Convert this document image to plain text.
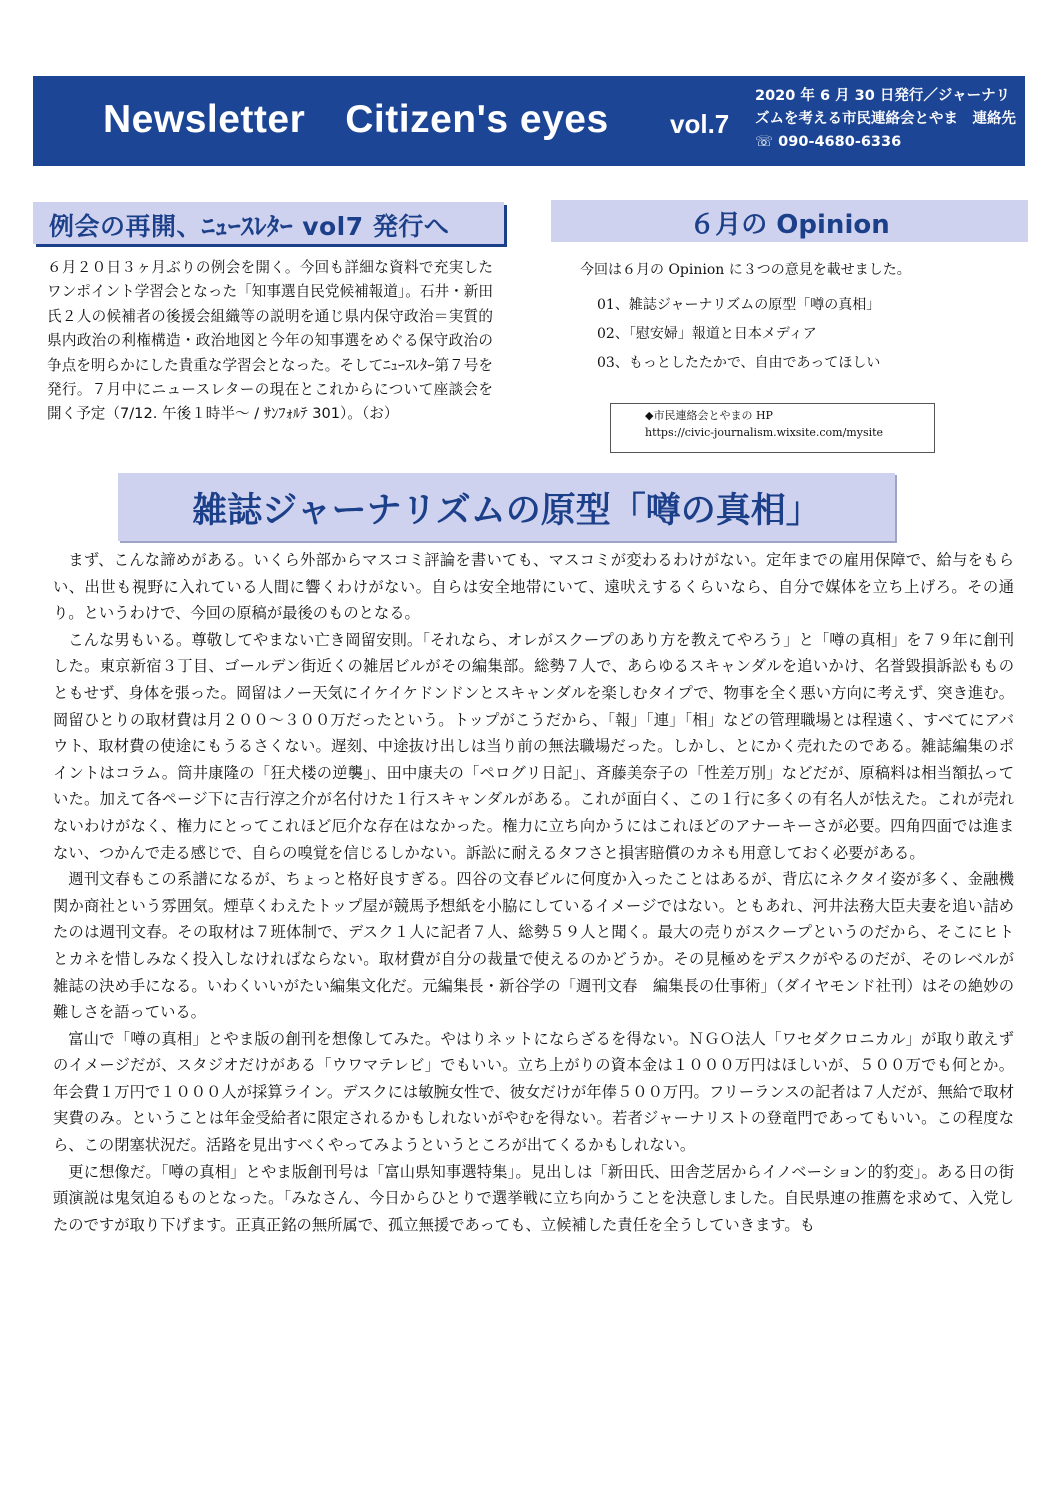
Newsletter Citizen's eyes vol.7
2020 年 6 月 30 日発行／ジャーナリズムを考える市民連絡会とやま　連絡先☏ 090-4680-6336
例会の再開、ﾆｭｰｽﾚﾀｰ vol7 発行へ
６月２０日３ヶ月ぶりの例会を開く。今回も詳細な資料で充実したワンポイント学習会となった「知事選自民党候補報道」。石井・新田氏２人の候補者の後援会組織等の説明を通じ県内保守政治＝実質的県内政治の利権構造・政治地図と今年の知事選をめぐる保守政治の争点を明らかにした貴重な学習会となった。そしてﾆｭｰｽﾚﾀｰ第７号を発行。７月中にニュースレターの現在とこれからについて座談会を開く予定（7/12. 午後１時半～ / ｻﾝﾌｫﾙﾃ 301）。（お）
６月の Opinion
今回は６月の Opinion に３つの意見を載せました。
01、雑誌ジャーナリズムの原型「噂の真相」
02、「慰安婦」報道と日本メディア
03、もっとしたたかで、自由であってほしい
◆市民連絡会とやまの HP
https://civic-journalism.wixsite.com/mysite
雑誌ジャーナリズムの原型「噂の真相」

まず、こんな諦めがある。いくら外部からマスコミ評論を書いても、マスコミが変わるわけがない。定年までの雇用保障で、給与をもらい、出世も視野に入れている人間に響くわけがない。自らは安全地帯にいて、遠吠えするくらいなら、自分で媒体を立ち上げろ。その通り。というわけで、今回の原稿が最後のものとなる。

こんな男もいる。尊敬してやまない亡き岡留安則。「それなら、オレがスクープのあり方を教えてやろう」と「噂の真相」を７９年に創刊した。東京新宿３丁目、ゴールデン街近くの雑居ビルがその編集部。総勢７人で、あらゆるスキャンダルを追いかけ、名誉毀損訴訟もものともせず、身体を張った。岡留はノー天気にイケイケドンドンとスキャンダルを楽しむタイプで、物事を全く悪い方向に考えず、突き進む。岡留ひとりの取材費は月２００～３００万だったという。トップがこうだから、「報」「連」「相」などの管理職場とは程遠く、すべてにアバウト、取材費の使途にもうるさくない。遅刻、中途抜け出しは当り前の無法職場だった。しかし、とにかく売れたのである。雑誌編集のポイントはコラム。筒井康隆の「狂犬楼の逆襲」、田中康夫の「ペログリ日記」、斉藤美奈子の「性差万別」などだが、原稿料は相当額払っていた。加えて各ページ下に吉行淳之介が名付けた１行スキャンダルがある。これが面白く、この１行に多くの有名人が怯えた。これが売れないわけがなく、権力にとってこれほど厄介な存在はなかった。権力に立ち向かうにはこれほどのアナーキーさが必要。四角四面では進まない、つかんで走る感じで、自らの嗅覚を信じるしかない。訴訟に耐えるタフさと損害賠償のカネも用意しておく必要がある。

週刊文春もこの系譜になるが、ちょっと格好良すぎる。四谷の文春ビルに何度か入ったことはあるが、背広にネクタイ姿が多く、金融機関か商社という雰囲気。煙草くわえたトップ屋が競馬予想紙を小脇にしているイメージではない。ともあれ、河井法務大臣夫妻を追い詰めたのは週刊文春。その取材は７班体制で、デスク１人に記者７人、総勢５９人と聞く。最大の売りがスクープというのだから、そこにヒトとカネを惜しみなく投入しなければならない。取材費が自分の裁量で使えるのかどうか。その見極めをデスクがやるのだが、そのレベルが雑誌の決め手になる。いわくいいがたい編集文化だ。元編集長・新谷学の「週刊文春　編集長の仕事術」（ダイヤモンド社刊）はその絶妙の難しさを語っている。

富山で「噂の真相」とやま版の創刊を想像してみた。やはりネットにならざるを得ない。ＮＧＯ法人「ワセダクロニカル」が取り敢えずのイメージだが、スタジオだけがある「ウワマテレビ」でもいい。立ち上がりの資本金は１０００万円はほしいが、５００万でも何とか。年会費１万円で１０００人が採算ライン。デスクには敏腕女性で、彼女だけが年俸５００万円。フリーランスの記者は７人だが、無給で取材実費のみ。ということは年金受給者に限定されるかもしれないがやむを得ない。若者ジャーナリストの登竜門であってもいい。この程度なら、この閉塞状況だ。活路を見出すべくやってみようというところが出てくるかもしれない。

更に想像だ。「噂の真相」とやま版創刊号は「富山県知事選特集」。見出しは「新田氏、田舎芝居からイノベーション的豹変」。ある日の街頭演説は鬼気迫るものとなった。「みなさん、今日からひとりで選挙戦に立ち向かうことを決意しました。自民県連の推薦を求めて、入党したのですが取り下げます。正真正銘の無所属で、孤立無援であっても、立候補した責任を全うしていきます。も
